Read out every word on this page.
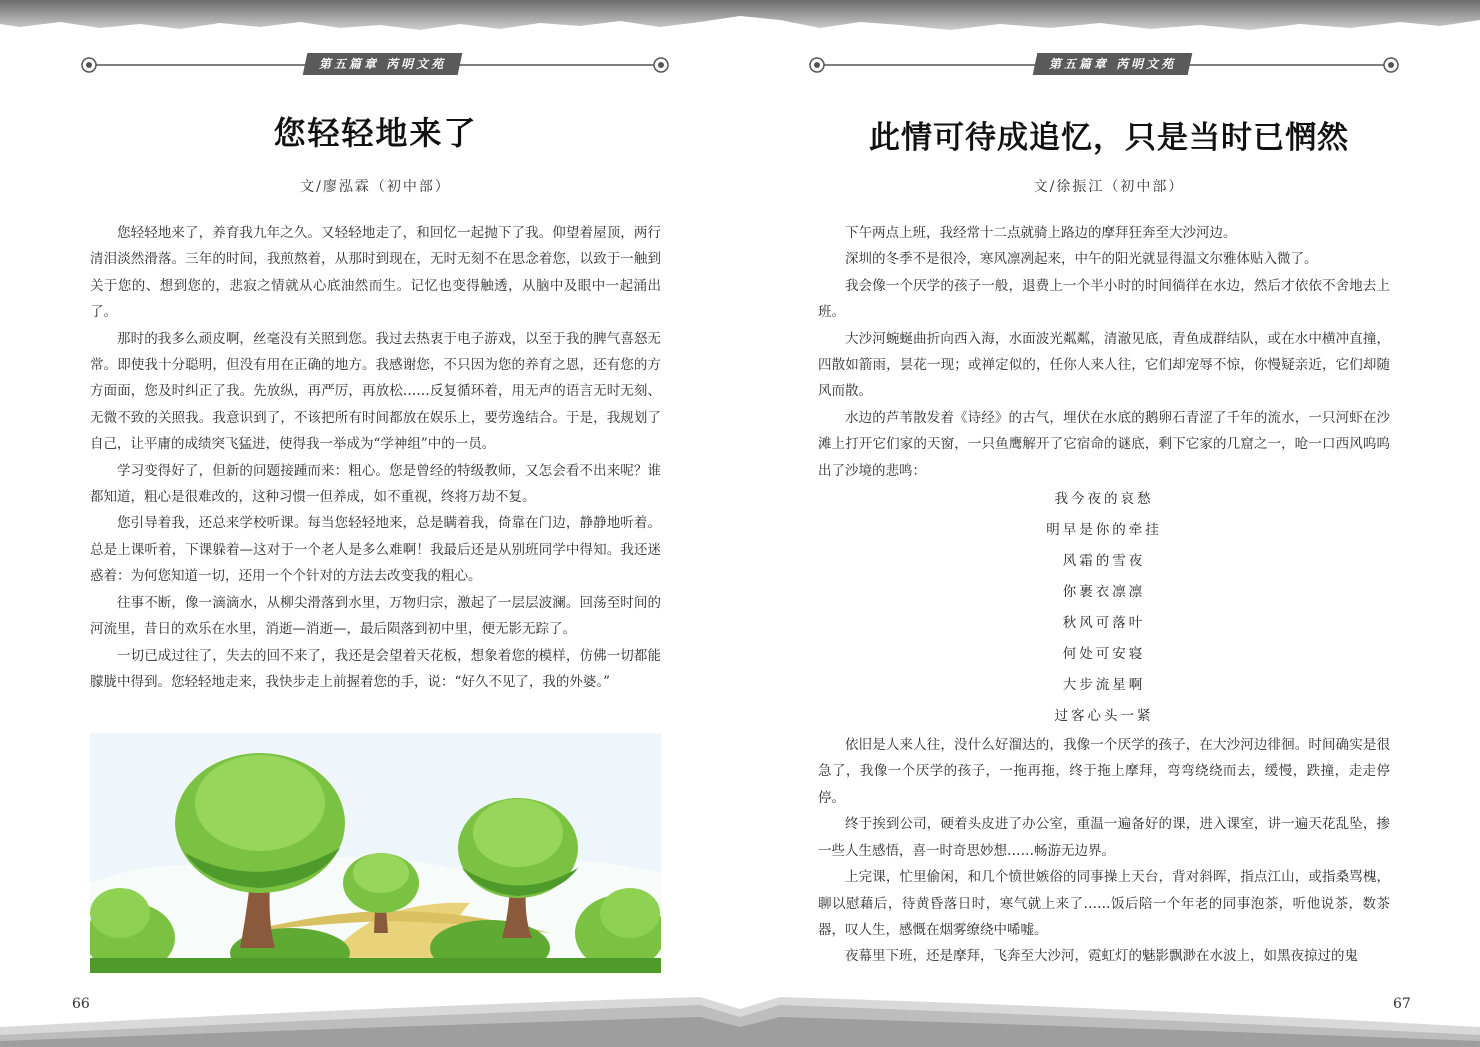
第五篇章 芮明文苑
您轻轻地来了
文/廖泓霖（初中部）

您轻轻地来了，养育我九年之久。又轻轻地走了，和回忆一起抛下了我。仰望着屋顶，两行清泪淡然滑落。三年的时间，我煎熬着，从那时到现在，无时无刻不在思念着您，以致于一触到关于您的、想到您的，悲寂之情就从心底油然而生。记忆也变得触透，从脑中及眼中一起涌出了。

那时的我多么顽皮啊，丝毫没有关照到您。我过去热衷于电子游戏，以至于我的脾气喜怒无常。即使我十分聪明，但没有用在正确的地方。我感谢您，不只因为您的养育之恩，还有您的方方面面，您及时纠正了我。先放纵，再严厉，再放松……反复循环着，用无声的语言无时无刻、无微不致的关照我。我意识到了，不该把所有时间都放在娱乐上，要劳逸结合。于是，我规划了自己，让平庸的成绩突飞猛进，使得我一举成为“学神组”中的一员。

学习变得好了，但新的问题接踵而来：粗心。您是曾经的特级教师，又怎会看不出来呢？谁都知道，粗心是很难改的，这种习惯一但养成，如不重视，终将万劫不复。

您引导着我，还总来学校听课。每当您轻轻地来，总是瞒着我，倚靠在门边，静静地听着。总是上课听着，下课躲着—这对于一个老人是多么难啊！我最后还是从别班同学中得知。我还迷惑着：为何您知道一切，还用一个个针对的方法去改变我的粗心。

往事不断，像一滴滴水，从柳尖滑落到水里，万物归宗，激起了一层层波澜。回荡至时间的河流里，昔日的欢乐在水里，消逝—消逝—，最后陨落到初中里，便无影无踪了。

一切已成过往了，失去的回不来了，我还是会望着天花板，想象着您的模样，仿佛一切都能朦胧中得到。您轻轻地走来，我快步走上前握着您的手，说：“好久不见了，我的外婆。”

66
第五篇章 芮明文苑
此情可待成追忆，只是当时已惘然
文/徐振江（初中部）

下午两点上班，我经常十二点就骑上路边的摩拜狂奔至大沙河边。

深圳的冬季不是很冷，寒风凛冽起来，中午的阳光就显得温文尔雅体贴入微了。

我会像一个厌学的孩子一般，退费上一个半小时的时间徜徉在水边，然后才依依不舍地去上班。

大沙河蜿蜒曲折向西入海，水面波光粼粼，清澈见底，青鱼成群结队，或在水中横冲直撞，四散如箭雨，昙花一现；或禅定似的，任你人来人往，它们却宠辱不惊，你慢疑亲近，它们却随风而散。

水边的芦苇散发着《诗经》的古气，埋伏在水底的鹅卵石青涩了千年的流水，一只河虾在沙滩上打开它们家的天窗，一只鱼鹰解开了它宿命的谜底，剩下它家的几窟之一，呛一口西风呜呜出了沙境的悲鸣：

我今夜的哀愁
明早是你的牵挂
风霜的雪夜
你裹衣凛凛
秋风可落叶
何处可安寝
大步流星啊
过客心头一紧

依旧是人来人往，没什么好溜达的，我像一个厌学的孩子，在大沙河边徘徊。时间确实是很急了，我像一个厌学的孩子，一拖再拖，终于拖上摩拜，弯弯绕绕而去，缓慢，跌撞，走走停停。

终于挨到公司，硬着头皮进了办公室，重温一遍备好的课，进入课室，讲一遍天花乱坠，掺一些人生感悟，喜一时奇思妙想……畅游无边界。

上完课，忙里偷闲，和几个愤世嫉俗的同事操上天台，背对斜晖，指点江山，或指桑骂槐，聊以慰藉后，待黄昏落日时，寒气就上来了……饭后陪一个年老的同事泡茶，听他说茶，数茶器，叹人生，感慨在烟雾缭绕中唏嘘。

夜幕里下班，还是摩拜，飞奔至大沙河，霓虹灯的魅影飘渺在水波上，如黑夜掠过的鬼

67
